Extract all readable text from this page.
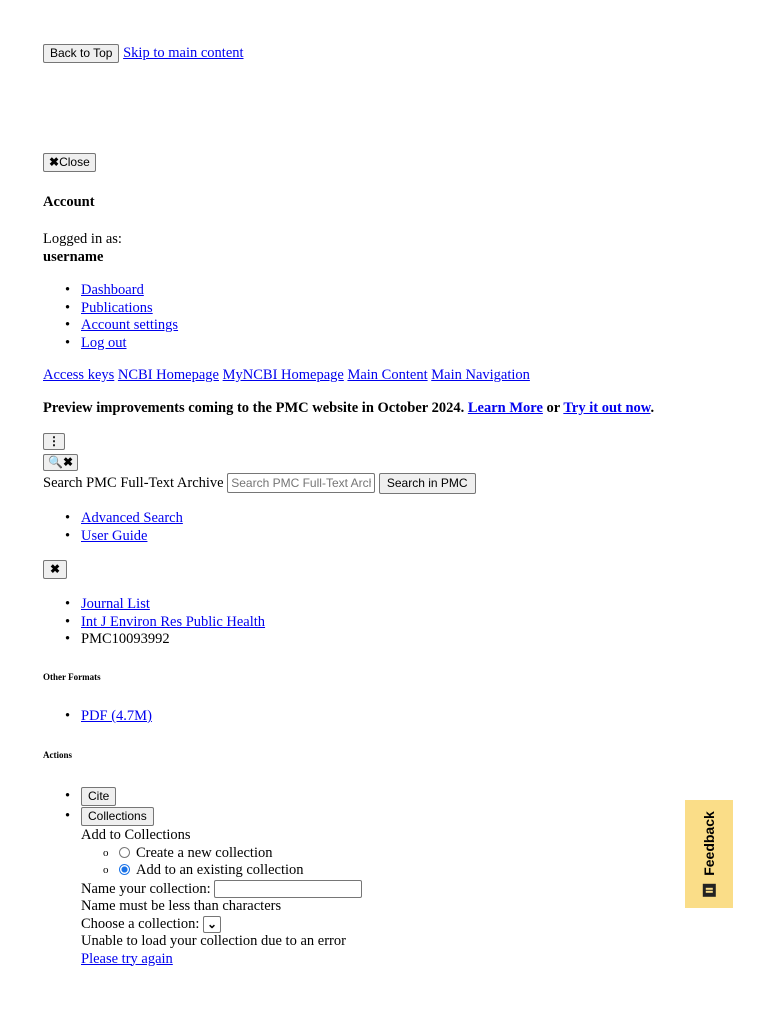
Back to Top Skip to main content
✖Close
Account
Logged in as:
username
• Dashboard
• Publications
• Account settings
• Log out
Access keys NCBI Homepage MyNCBI Homepage Main Content Main Navigation
Preview improvements coming to the PMC website in October 2024. Learn More or Try it out now.
⋮
🔍✖
Search PMC Full-Text Archive Search PMC Full-Text Archive	Search in PMC
• Advanced Search
• User Guide
✖
• Journal List
• Int J Environ Res Public Health
• PMC10093992
Other Formats
• PDF (4.7M)
Actions
• Cite
• Collections
Add to Collections
o Create a new collection
o Add to an existing collection
Name your collection:
Name must be less than characters
Choose a collection: ⌄
Unable to load your collection due to an error
Please try again
Feedback
